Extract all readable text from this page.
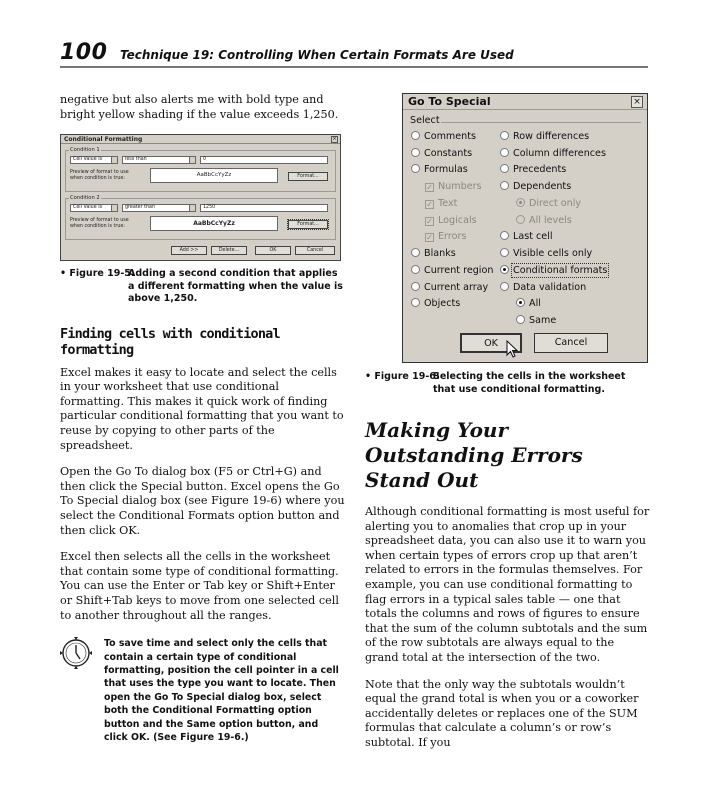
100 Technique 19: Controlling When Certain Formats Are Used

negative but also alerts me with bold type and bright yellow shading if the value exceeds 1,250.

Conditional Formatting	×
Condition 1
Cell Value Is	less than	0
Preview of format to use when condition is true:	AaBbCcYyZz	Format...
Condition 2
Cell Value Is	greater than	1250
Preview of format to use when condition is true:	AaBbCcYyZz	Format...
Add >>	Delete...	OK	Cancel
• Figure 19-5:
Adding a second condition that applies a different formatting when the value is above 1,250.
Finding cells with conditional formatting

Excel makes it easy to locate and select the cells in your worksheet that use conditional formatting. This makes it quick work of finding particular conditional formatting that you want to reuse by copying to other parts of the spreadsheet.

Open the Go To dialog box (F5 or Ctrl+G) and then click the Special button. Excel opens the Go To Special dialog box (see Figure 19-6) where you select the Conditional Formats option button and then click OK.

Excel then selects all the cells in the worksheet that contain some type of conditional formatting. You can use the Enter or Tab key or Shift+Enter or Shift+Tab keys to move from one selected cell to another throughout all the ranges.

To save time and select only the cells that contain a certain type of conditional formatting, position the cell pointer in a cell that uses the type you want to locate. Then open the Go To Special dialog box, select both the Conditional Formatting option button and the Same option button, and click OK. (See Figure 19-6.)
Go To Special	×
Select
Comments
Constants
Formulas
✓ Numbers
✓ Text
✓ Logicals
✓ Errors
Blanks
Current region
Current array
Objects
Row differences
Column differences
Precedents
Dependents
Direct only
All levels
Last cell
Visible cells only
Conditional formats
Data validation
All
Same
OK	Cancel
• Figure 19-6:
Selecting the cells in the worksheet that use conditional formatting.
Making Your Outstanding Errors Stand Out

Although conditional formatting is most useful for alerting you to anomalies that crop up in your spreadsheet data, you can also use it to warn you when certain types of errors crop up that aren’t related to errors in the formulas themselves. For example, you can use conditional formatting to flag errors in a typical sales table — one that totals the columns and rows of figures to ensure that the sum of the column subtotals and the sum of the row subtotals are always equal to the grand total at the intersection of the two.

Note that the only way the subtotals wouldn’t equal the grand total is when you or a coworker accidentally deletes or replaces one of the SUM formulas that calculate a column’s or row’s subtotal. If you
